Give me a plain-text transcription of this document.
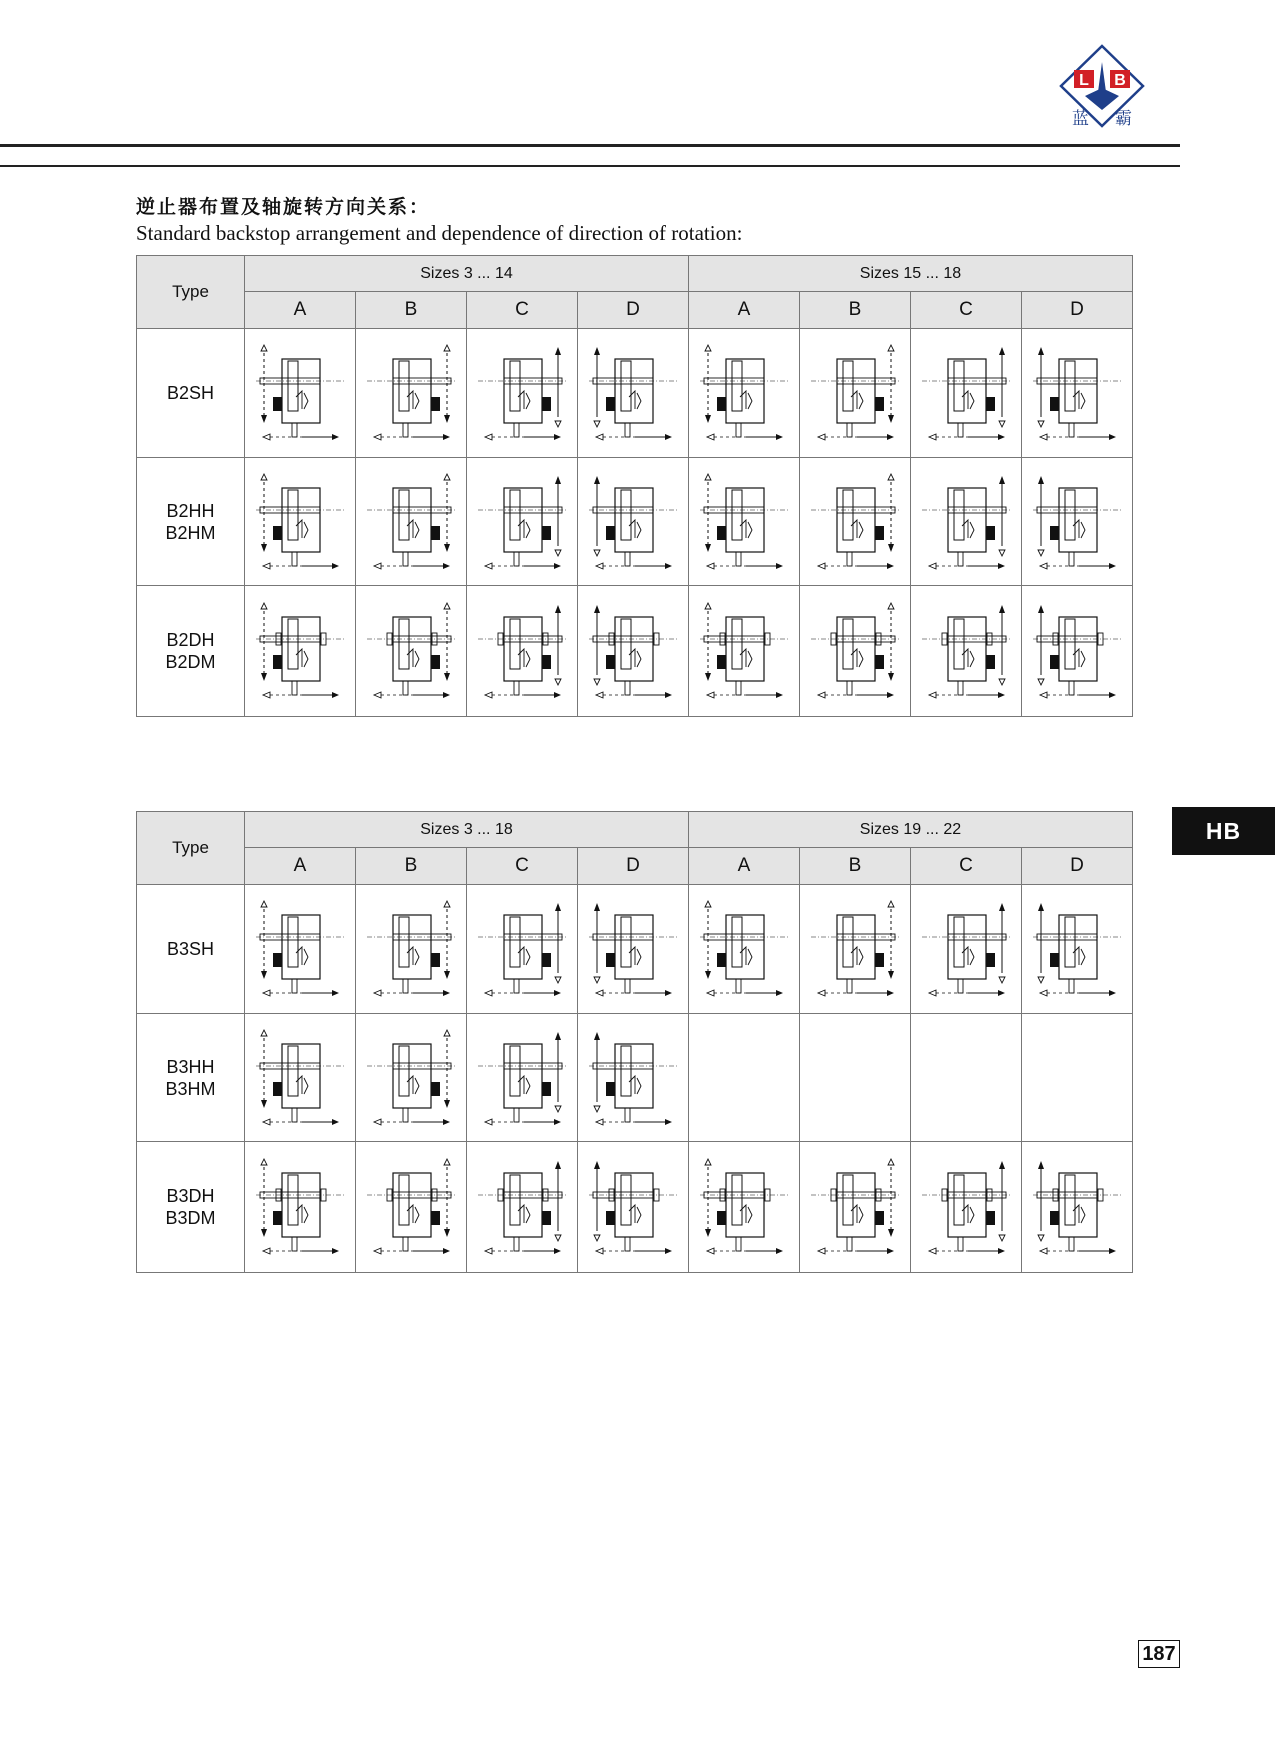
L B
蓝 霸
逆止器布置及轴旋转方向关系：
Standard backstop arrangement and dependence of direction of rotation:
Type	Sizes 3 ... 14				Sizes 15 ... 18			
	A	B	C	D	A	B	C	D

B2SH

B2HH
B2HM

B2DH
B2DM

Type	Sizes 3 ... 18				Sizes 19 ... 22			
	A	B	C	D	A	B	C	D

B3SH

B3HH
B3HM

B3DH
B3DM

HB
187
